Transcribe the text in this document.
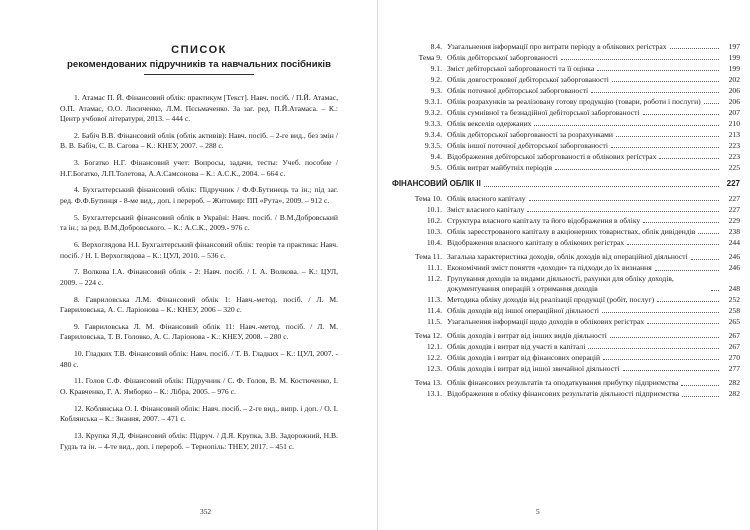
СПИСОК

рекомендованих підручників та навчальних посібників

1. Атамас П. Й. Фінансовий облік: практикум [Текст]. Навч. посіб. / П.Й. Атамас, О.П. Атамас, О.О. Лисиченко, Л.М. Пєсьмаченко. За заг. ред. П.Й.Атамаса. – К.: Центр учбової літератури, 2013. – 444 с.

2. Бабіч В.В. Фінансовий облік (облік активів): Навч. посіб. – 2-ге вид., без змін / В. В. Бабіч, С. В. Сагова – К.: КНЕУ, 2007. – 288 с.

3. Богатко Н.Г. Фінансовий учет: Вопросы, задачи, тесты: Учеб. пособие / Н.Г.Богатко, Л.П.Толетова, А.А.Самсонова – К.: А.С.К., 2004. – 664 с.

4. Бухгалтерський фінансовий облік: Підручник / Ф.Ф.Бутинець та ін.; під заг. ред. Ф.Ф.Бутинця - 8-ме вид., доп. і перероб. – Житомир: ПП «Рута», 2009. – 912 с.

5. Бухгалтерський фінансовий облік в Україні: Навч. посіб. / В.М.Добровський та ін.; за ред. В.М.Добровського. – К.: А.С.К., 2009.- 976 с.

6. Верхоглядова Н.І. Бухгалтерський фінансовий облік: теорія та практика: Навч. посіб. / Н. І. Верхоглядова – К.: ЦУЛ, 2010. – 536 с.

7. Волкова І.А. Фінансовий облік - 2: Навч. посіб. / І. А. Волкова. – К.: ЦУЛ, 2009. – 224 с.

8. Гавриловська Л.М. Фінансовий облік 1: Навч.-метод. посіб. / Л. М. Гавриловська, А. С. Ларіонова – К.: КНЕУ, 2006 – 320 с.

9. Гавриловська Л. М. Фінансовий облік 11: Навч.-метод. посіб. / Л. М. Гавриловська, Т. В. Головко, А. С. Ларіонова - К.: КНЕУ, 2008. – 280 с.

10. Гладких Т.В. Фінансовий облік: Навч. посіб. / Т. В. Гладких – К.: ЦУЛ, 2007. - 480 с.

11. Голов С.Ф. Фінансовий облік: Підручник / С. Ф. Голов, В. М. Костюченко, І. О. Кравченко, Г. А. Ямборко – К.: Лібра, 2005. – 976 с.

12. Коблянська О. І. Фінансовий облік: Навч. посіб. – 2-ге вид., випр. і доп. / О. І. Коблянська – К.: Знання, 2007. – 471 с.

13. Крупка Я.Д. Фінансовий облік: Підруч. / Д.Я. Крупка, З.В. Задорожний, Н.В. Гудзь та ін. – 4-те вид., доп. і перероб. – Тернопіль: ТНЕУ, 2017. – 451 с.

352
8.4. Узагальнення інформації про витрати періоду в облікових регістрах	197
Тема 9. Облік дебіторської заборгованості	199
9.1. Зміст дебіторської заборгованості та її оцінка	199
9.2. Облік довгострокової дебіторської заборгованості	202
9.3. Облік поточної дебіторської заборгованості	206
9.3.1. Облік розрахунків за реалізовану готову продукцію (товари, роботи і послуги)	206
9.3.2. Облік сумнівної та безнадійної дебіторської заборгованості	207
9.3.3. Облік векселів одержаних	210
9.3.4. Облік дебіторської заборгованості за розрахунками	213
9.3.5. Облік іншої поточної дебіторської заборгованості	223
9.4. Відображення дебіторської заборгованості в облікових регістрах	223
9.5. Облік витрат майбутніх періодів	225
ФІНАНСОВИЙ ОБЛІК ІІ	227
Тема 10. Облік власного капіталу	227
10.1. Зміст власного капіталу	227
10.2. Структура власного капіталу та його відображення в обліку	229
10.3. Облік зареєстрованого капіталу в акціонерних товариствах, облік дивідендів	238
10.4. Відображення власного капіталу в облікових регістрах	244
Тема 11. Загальна характеристика доходів, облік доходів від операційної діяльності	246
11.1. Економічний зміст поняття «доходи» та підходи до їх визнання	246
11.2. Групування доходів за видами діяльності, рахунки для обліку доходів, документування операцій з отримання доходів	248
11.3. Методика обліку доходів від реалізації продукції (робіт, послуг)	252
11.4. Облік доходів від іншої операційної діяльності	258
11.5. Узагальнення інформації щодо доходів в облікових регістрах	265
Тема 12. Облік доходів і витрат від інших видів діяльності	267
12.1. Облік доходів і витрат від участі в капіталі	267
12.2. Облік доходів і витрат від фінансових операцій	270
12.3. Облік доходів і витрат від іншої звичайної діяльності	277
Тема 13. Облік фінансових результатів та оподаткування прибутку підприємства	282
13.1. Відображення в обліку фінансових результатів діяльності підприємства	282
5
